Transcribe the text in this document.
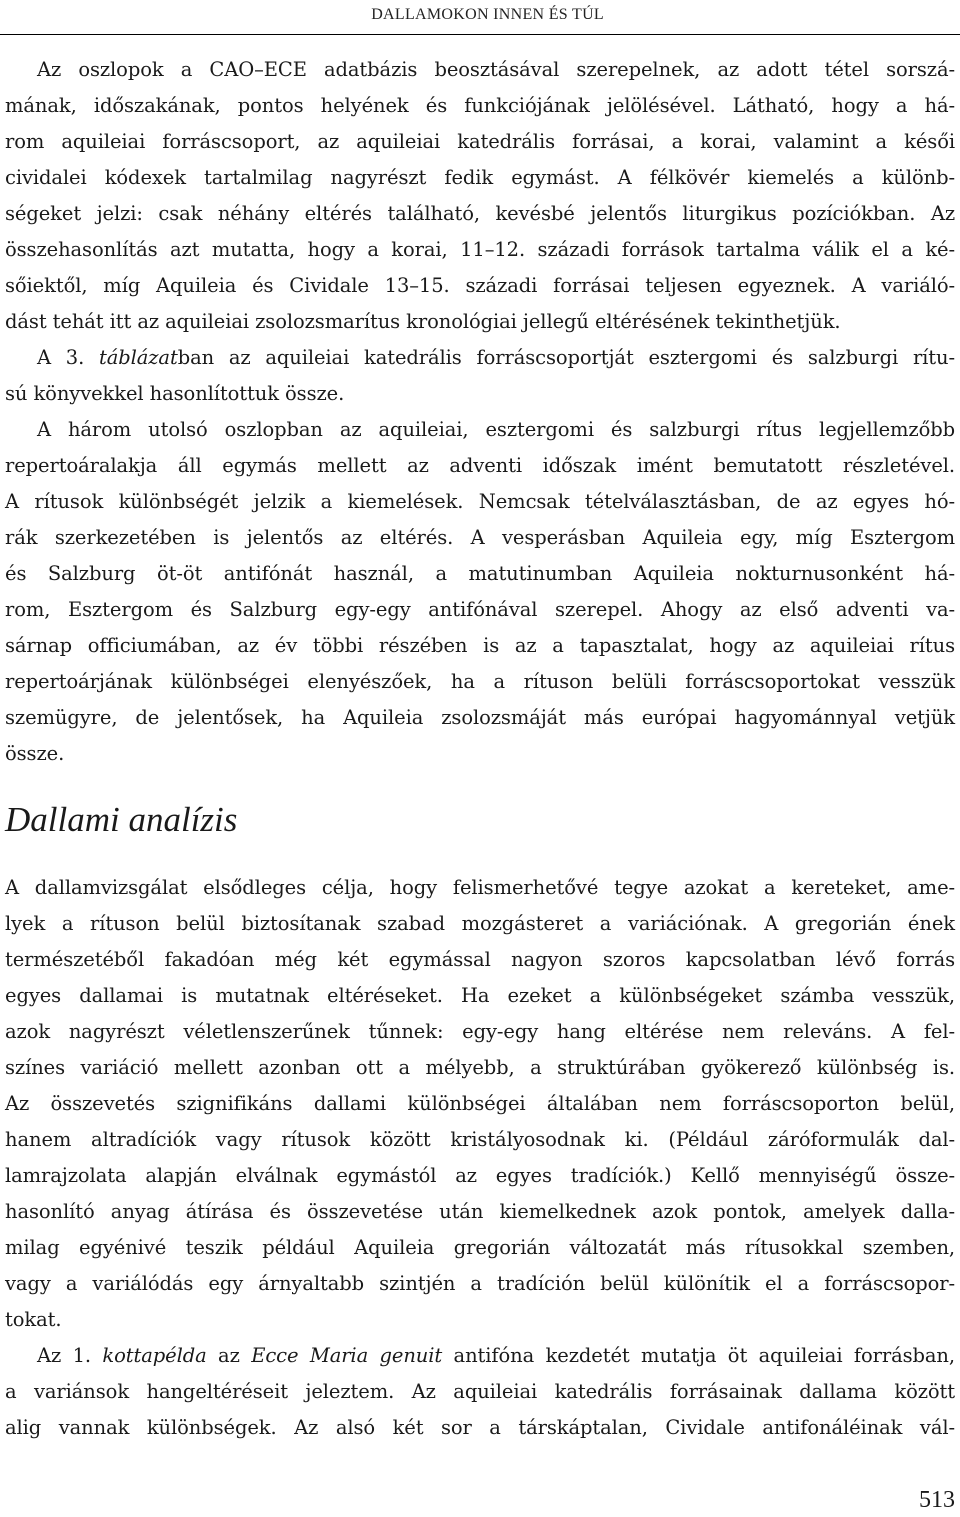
DALLAMOKON INNEN ÉS TÚL
Az oszlopok a CAO–ECE adatbázis beosztásával szerepelnek, az adott tétel sorszá-
mának, időszakának, pontos helyének és funkciójának jelölésével. Látható, hogy a há-
rom aquileiai forráscsoport, az aquileiai katedrális forrásai, a korai, valamint a késői
cividalei kódexek tartalmilag nagyrészt fedik egymást. A félkövér kiemelés a különb-
ségeket jelzi: csak néhány eltérés található, kevésbé jelentős liturgikus pozíciókban. Az
összehasonlítás azt mutatta, hogy a korai, 11–12. századi források tartalma válik el a ké-
sőiektől, míg Aquileia és Cividale 13–15. századi forrásai teljesen egyeznek. A variáló-
dást tehát itt az aquileiai zsolozsmarítus kronológiai jellegű eltérésének tekinthetjük.
A 3. táblázatban az aquileiai katedrális forráscsoportját esztergomi és salzburgi rítu-
sú könyvekkel hasonlítottuk össze.
A három utolsó oszlopban az aquileiai, esztergomi és salzburgi rítus legjellemzőbb
repertoáralakja áll egymás mellett az adventi időszak imént bemutatott részletével.
A rítusok különbségét jelzik a kiemelések. Nemcsak tételválasztásban, de az egyes hó-
rák szerkezetében is jelentős az eltérés. A vesperásban Aquileia egy, míg Esztergom
és Salzburg öt-öt antifónát használ, a matutinumban Aquileia nokturnusonként há-
rom, Esztergom és Salzburg egy-egy antifónával szerepel. Ahogy az első adventi va-
sárnap officiumában, az év többi részében is az a tapasztalat, hogy az aquileiai rítus
repertoárjának különbségei elenyészőek, ha a rítuson belüli forráscsoportokat vesszük
szemügyre, de jelentősek, ha Aquileia zsolozsmáját más európai hagyománnyal vetjük
össze.
Dallami analízis
A dallamvizsgálat elsődleges célja, hogy felismerhetővé tegye azokat a kereteket, ame-
lyek a rítuson belül biztosítanak szabad mozgásteret a variációnak. A gregorián ének
természetéből fakadóan még két egymással nagyon szoros kapcsolatban lévő forrás
egyes dallamai is mutatnak eltéréseket. Ha ezeket a különbségeket számba vesszük,
azok nagyrészt véletlenszerűnek tűnnek: egy-egy hang eltérése nem releváns. A fel-
színes variáció mellett azonban ott a mélyebb, a struktúrában gyökerező különbség is.
Az összevetés szignifikáns dallami különbségei általában nem forráscsoporton belül,
hanem altradíciók vagy rítusok között kristályosodnak ki. (Például záróformulák dal-
lamrajzolata alapján elválnak egymástól az egyes tradíciók.) Kellő mennyiségű össze-
hasonlító anyag átírása és összevetése után kiemelkednek azok pontok, amelyek dalla-
milag egyénivé teszik például Aquileia gregorián változatát más rítusokkal szemben,
vagy a variálódás egy árnyaltabb szintjén a tradíción belül különítik el a forráscsopor-
tokat.
Az 1. kottapélda az Ecce Maria genuit antifóna kezdetét mutatja öt aquileiai forrásban,
a variánsok hangeltéréseit jeleztem. Az aquileiai katedrális forrásainak dallama között
alig vannak különbségek. Az alsó két sor a társkáptalan, Cividale antifonáléinak vál-
513
